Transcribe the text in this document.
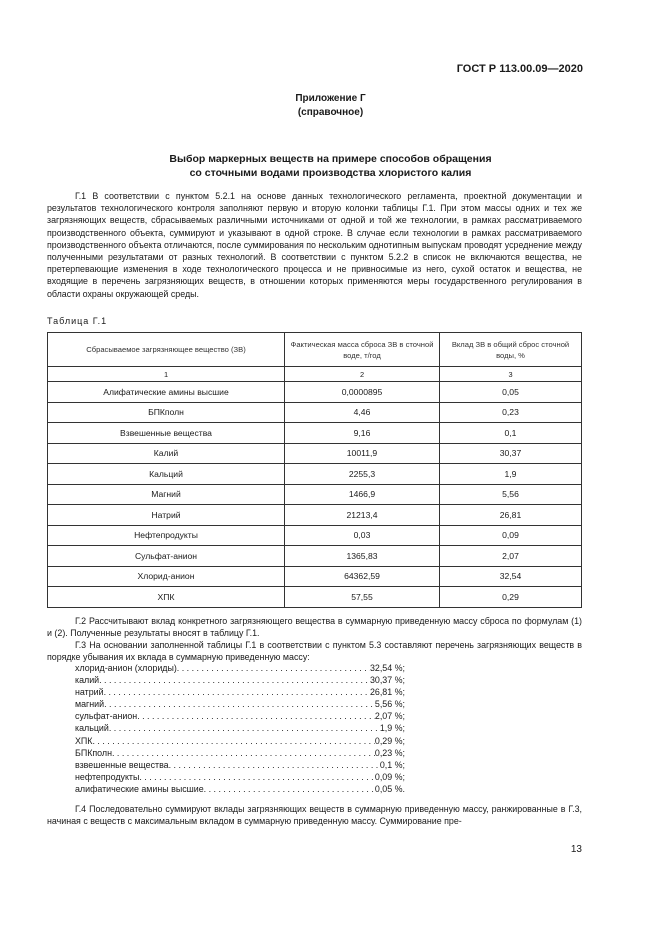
ГОСТ Р 113.00.09—2020
Приложение Г
(справочное)
Выбор маркерных веществ на примере способов обращения
со сточными водами производства хлористого калия
Г.1 В соответствии с пунктом 5.2.1 на основе данных технологического регламента, проектной документации и результатов технологического контроля заполняют первую и вторую колонки таблицы Г.1. При этом массы одних и тех же загрязняющих веществ, сбрасываемых различными источниками от одной и той же технологии, в рамках рассматриваемого производственного объекта, суммируют и указывают в одной строке. В случае если технологии в рамках рассматриваемого производственного объекта отличаются, после суммирования по нескольким однотипным выпускам проводят усреднение между полученными результатами от разных технологий. В соответствии с пунктом 5.2.2 в список не включаются вещества, не претерпевающие изменения в ходе технологического процесса и не привносимые из него, сухой остаток и вещества, не входящие в перечень загрязняющих веществ, в отношении которых применяются меры государственного регулирования в области охраны окружающей среды.
Таблица Г.1
Сбрасываемое загрязняющее вещество (ЗВ)	Фактическая масса сброса ЗВ в сточной воде, т/год	Вклад ЗВ в общий сброс сточной воды, %
1	2	3
Алифатические амины высшие	0,0000895	0,05
БПКполн	4,46	0,23
Взвешенные вещества	9,16	0,1
Калий	10011,9	30,37
Кальций	2255,3	1,9
Магний	1466,9	5,56
Натрий	21213,4	26,81
Нефтепродукты	0,03	0,09
Сульфат-анион	1365,83	2,07
Хлорид-анион	64362,59	32,54
ХПК	57,55	0,29
Г.2 Рассчитывают вклад конкретного загрязняющего вещества в суммарную приведенную массу сброса по формулам (1) и (2). Полученные результаты вносят в таблицу Г.1.
Г.3 На основании заполненной таблицы Г.1 в соответствии с пунктом 5.3 составляют перечень загрязняющих веществ в порядке убывания их вклада в суммарную приведенную массу:
хлорид-анион (хлориды) . . .	32,54 %;
калий . . .	30,37 %;
натрий . . .	26,81 %;
магний . . .	5,56 %;
сульфат-анион . . .	2,07 %;
кальций . . .	1,9 %;
ХПК . . .	0,29 %;
БПКполн . . .	0,23 %;
взвешенные вещества . . .	0,1 %;
нефтепродукты . . .	0,09 %;
алифатические амины высшие . . .	0,05 %.
Г.4 Последовательно суммируют вклады загрязняющих веществ в суммарную приведенную массу, ранжированные в Г.3, начиная с веществ с максимальным вкладом в суммарную приведенную массу. Суммирование пре-
13
